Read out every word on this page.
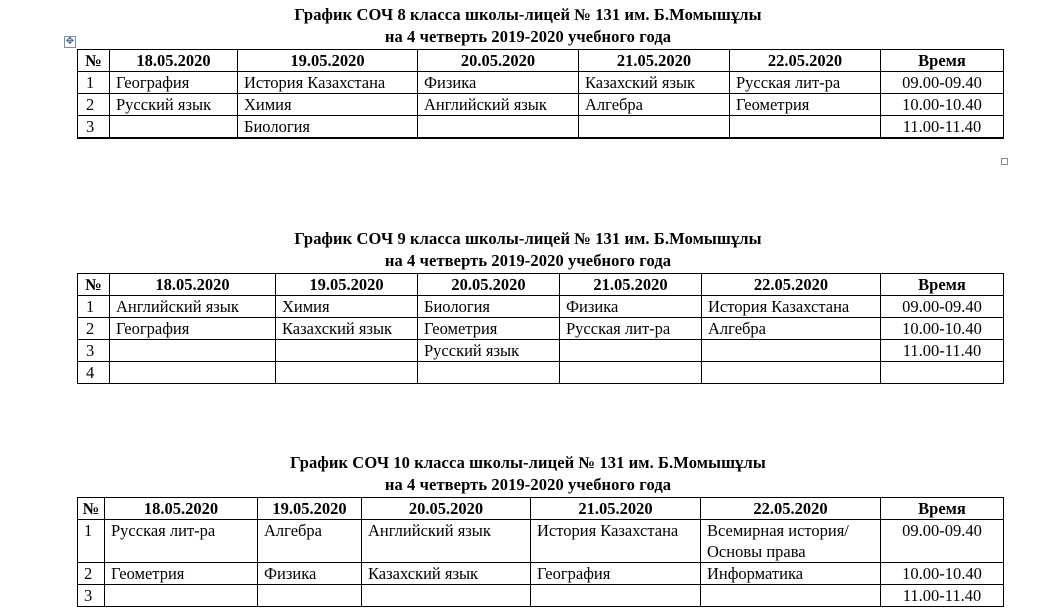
График СОЧ 8 класса школы-лицей № 131 им. Б.Момышұлы
на 4 четверть 2019-2020 учебного года
✥
№	18.05.2020	19.05.2020	20.05.2020	21.05.2020	22.05.2020	Время
1	География	История Казахстана	Физика	Казахский язык	Русская лит-ра	09.00-09.40
2	Русский язык	Химия	Английский язык	Алгебра	Геометрия	10.00-10.40
3		Биология				11.00-11.40

График СОЧ 9 класса школы-лицей № 131 им. Б.Момышұлы
на 4 четверть 2019-2020 учебного года
№	18.05.2020	19.05.2020	20.05.2020	21.05.2020	22.05.2020	Время
1	Английский язык	Химия	Биология	Физика	История Казахстана	09.00-09.40
2	География	Казахский язык	Геометрия	Русская лит-ра	Алгебра	10.00-10.40
3			Русский язык			11.00-11.40
4						
График СОЧ 10 класса школы-лицей № 131 им. Б.Момышұлы
на 4 четверть 2019-2020 учебного года
№	18.05.2020	19.05.2020	20.05.2020	21.05.2020	22.05.2020	Время
1	Русская лит-ра	Алгебра	Английский язык	История Казахстана	Всемирная история/ Основы права	09.00-09.40
2	Геометрия	Физика	Казахский язык	География	Информатика	10.00-10.40
3						11.00-11.40
